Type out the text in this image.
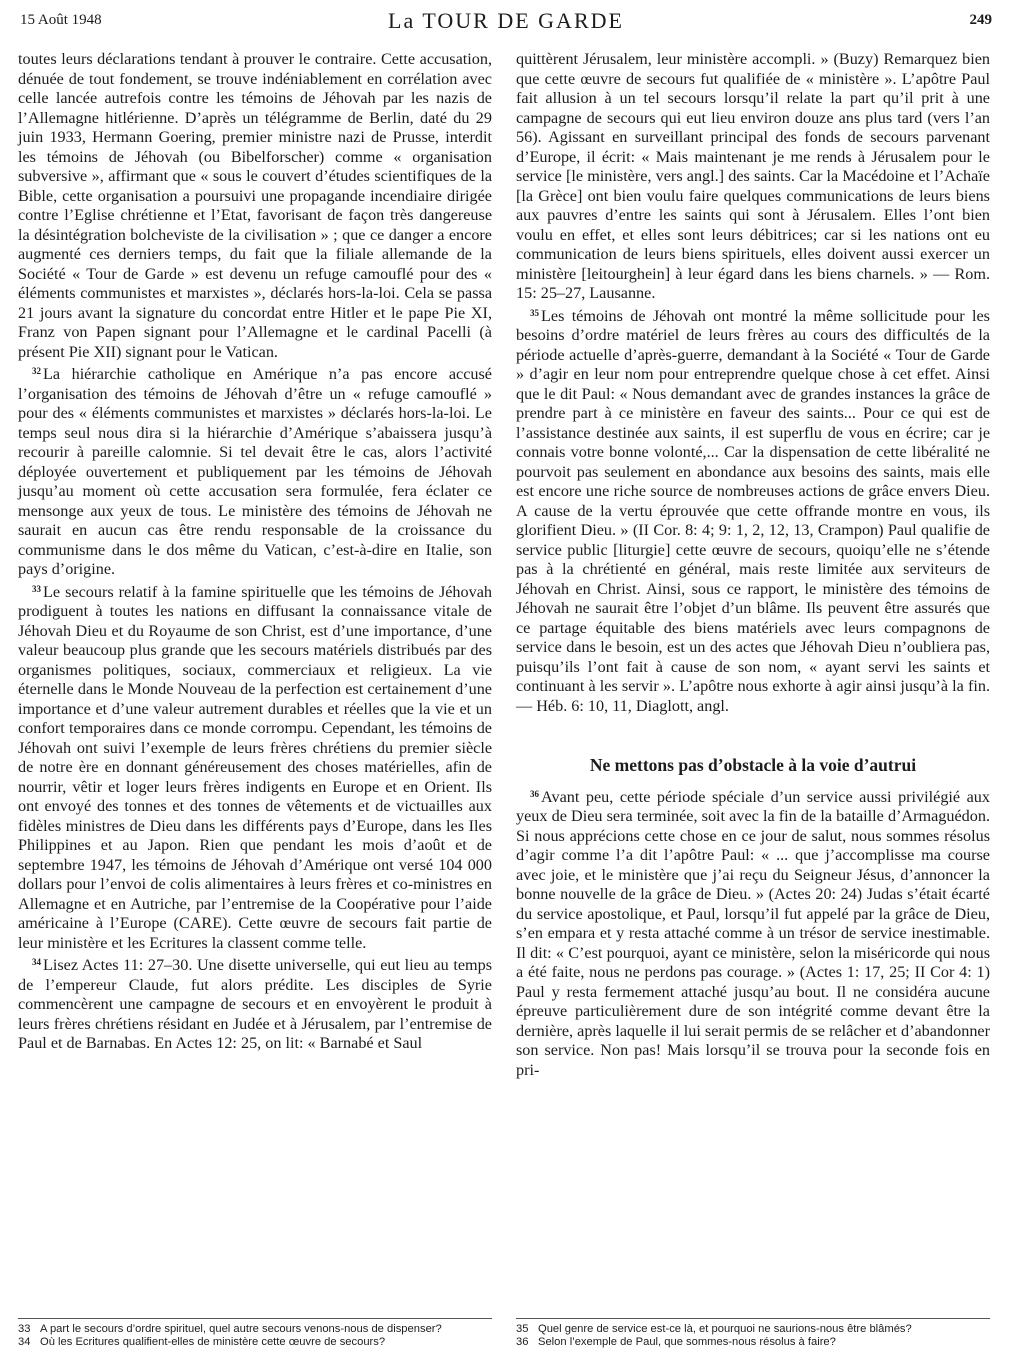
15 Août 1948	La TOUR DE GARDE	249

toutes leurs déclarations tendant à prouver le contraire. Cette accusation, dénuée de tout fondement, se trouve indéniablement en corrélation avec celle lancée autrefois contre les témoins de Jéhovah par les nazis de l’Allemagne hitlérienne. D’après un télégramme de Berlin, daté du 29 juin 1933, Hermann Goering, premier ministre nazi de Prusse, interdit les témoins de Jéhovah (ou Bibelforscher) comme « organisation subversive », affirmant que « sous le couvert d’études scientifiques de la Bible, cette organisation a poursuivi une propagande incendiaire dirigée contre l’Eglise chrétienne et l’Etat, favorisant de façon très dangereuse la désintégration bolcheviste de la civilisation » ; que ce danger a encore augmenté ces derniers temps, du fait que la filiale allemande de la Société « Tour de Garde » est devenu un refuge camouflé pour des « éléments communistes et marxistes », déclarés hors-la-loi. Cela se passa 21 jours avant la signature du concordat entre Hitler et le pape Pie XI, Franz von Papen signant pour l’Allemagne et le cardinal Pacelli (à présent Pie XII) signant pour le Vatican.

$^{32}$ La hiérarchie catholique en Amérique n’a pas encore accusé l’organisation des témoins de Jéhovah d’être un « refuge camouflé » pour des « éléments communistes et marxistes » déclarés hors-la-loi. Le temps seul nous dira si la hiérarchie d’Amérique s’abaissera jusqu’à recourir à pareille calomnie. Si tel devait être le cas, alors l’activité déployée ouvertement et publiquement par les témoins de Jéhovah jusqu’au moment où cette accusation sera formulée, fera éclater ce mensonge aux yeux de tous. Le ministère des témoins de Jéhovah ne saurait en aucun cas être rendu responsable de la croissance du communisme dans le dos même du Vatican, c’est-à-dire en Italie, son pays d’origine.

$^{33}$ Le secours relatif à la famine spirituelle que les témoins de Jéhovah prodiguent à toutes les nations en diffusant la connaissance vitale de Jéhovah Dieu et du Royaume de son Christ, est d’une importance, d’une valeur beaucoup plus grande que les secours matériels distribués par des organismes politiques, sociaux, commerciaux et religieux. La vie éternelle dans le Monde Nouveau de la perfection est certainement d’une importance et d’une valeur autrement durables et réelles que la vie et un confort temporaires dans ce monde corrompu. Cependant, les témoins de Jéhovah ont suivi l’exemple de leurs frères chrétiens du premier siècle de notre ère en donnant généreusement des choses matérielles, afin de nourrir, vêtir et loger leurs frères indigents en Europe et en Orient. Ils ont envoyé des tonnes et des tonnes de vêtements et de victuailles aux fidèles ministres de Dieu dans les différents pays d’Europe, dans les Iles Philippines et au Japon. Rien que pendant les mois d’août et de septembre 1947, les témoins de Jéhovah d’Amérique ont versé 104 000 dollars pour l’envoi de colis alimentaires à leurs frères et co-ministres en Allemagne et en Autriche, par l’entremise de la Coopérative pour l’aide américaine à l’Europe (CARE). Cette œuvre de secours fait partie de leur ministère et les Ecritures la classent comme telle.

$^{34}$ Lisez Actes 11: 27–30. Une disette universelle, qui eut lieu au temps de l’empereur Claude, fut alors prédite. Les disciples de Syrie commencèrent une campagne de secours et en envoyèrent le produit à leurs frères chrétiens résidant en Judée et à Jérusalem, par l’entremise de Paul et de Barnabas. En Actes 12: 25, on lit: « Barnabé et Saul

quittèrent Jérusalem, leur ministère accompli. » (Buzy) Remarquez bien que cette œuvre de secours fut qualifiée de « ministère ». L’apôtre Paul fait allusion à un tel secours lorsqu’il relate la part qu’il prit à une campagne de secours qui eut lieu environ douze ans plus tard (vers l’an 56). Agissant en surveillant principal des fonds de secours parvenant d’Europe, il écrit: « Mais maintenant je me rends à Jérusalem pour le service [le ministère, vers angl.] des saints. Car la Macédoine et l’Achaïe [la Grèce] ont bien voulu faire quelques communications de leurs biens aux pauvres d’entre les saints qui sont à Jérusalem. Elles l’ont bien voulu en effet, et elles sont leurs débitrices; car si les nations ont eu communication de leurs biens spirituels, elles doivent aussi exercer un ministère [leitourghein] à leur égard dans les biens charnels. » — Rom. 15: 25–27, Lausanne.

$^{35}$ Les témoins de Jéhovah ont montré la même sollicitude pour les besoins d’ordre matériel de leurs frères au cours des difficultés de la période actuelle d’après-guerre, demandant à la Société « Tour de Garde » d’agir en leur nom pour entreprendre quelque chose à cet effet. Ainsi que le dit Paul: « Nous demandant avec de grandes instances la grâce de prendre part à ce ministère en faveur des saints... Pour ce qui est de l’assistance destinée aux saints, il est superflu de vous en écrire; car je connais votre bonne volonté,... Car la dispensation de cette libéralité ne pourvoit pas seulement en abondance aux besoins des saints, mais elle est encore une riche source de nombreuses actions de grâce envers Dieu. A cause de la vertu éprouvée que cette offrande montre en vous, ils glorifient Dieu. » (II Cor. 8: 4; 9: 1, 2, 12, 13, Crampon) Paul qualifie de service public [liturgie] cette œuvre de secours, quoiqu’elle ne s’étende pas à la chrétienté en général, mais reste limitée aux serviteurs de Jéhovah en Christ. Ainsi, sous ce rapport, le ministère des témoins de Jéhovah ne saurait être l’objet d’un blâme. Ils peuvent être assurés que ce partage équitable des biens matériels avec leurs compagnons de service dans le besoin, est un des actes que Jéhovah Dieu n’oubliera pas, puisqu’ils l’ont fait à cause de son nom, « ayant servi les saints et continuant à les servir ». L’apôtre nous exhorte à agir ainsi jusqu’à la fin. — Héb. 6: 10, 11, Diaglott, angl.

Ne mettons pas d’obstacle à la voie d’autrui

$^{36}$ Avant peu, cette période spéciale d’un service aussi privilégié aux yeux de Dieu sera terminée, soit avec la fin de la bataille d’Armaguédon. Si nous apprécions cette chose en ce jour de salut, nous sommes résolus d’agir comme l’a dit l’apôtre Paul: « ... que j’accomplisse ma course avec joie, et le ministère que j’ai reçu du Seigneur Jésus, d’annoncer la bonne nouvelle de la grâce de Dieu. » (Actes 20: 24) Judas s’était écarté du service apostolique, et Paul, lorsqu’il fut appelé par la grâce de Dieu, s’en empara et y resta attaché comme à un trésor de service inestimable. Il dit: « C’est pourquoi, ayant ce ministère, selon la miséricorde qui nous a été faite, nous ne perdons pas courage. » (Actes 1: 17, 25; II Cor 4: 1) Paul y resta fermement attaché jusqu’au bout. Il ne considéra aucune épreuve particulièrement dure de son intégrité comme devant être la dernière, après laquelle il lui serait permis de se relâcher et d’abandonner son service. Non pas! Mais lorsqu’il se trouva pour la seconde fois en pri-

33 A part le secours d’ordre spirituel, quel autre secours venons-nous de dispenser?
34 Où les Ecritures qualifient-elles de ministère cette œuvre de secours?
35 Quel genre de service est-ce là, et pourquoi ne saurions-nous être blâmés?
36 Selon l’exemple de Paul, que sommes-nous résolus à faire?
